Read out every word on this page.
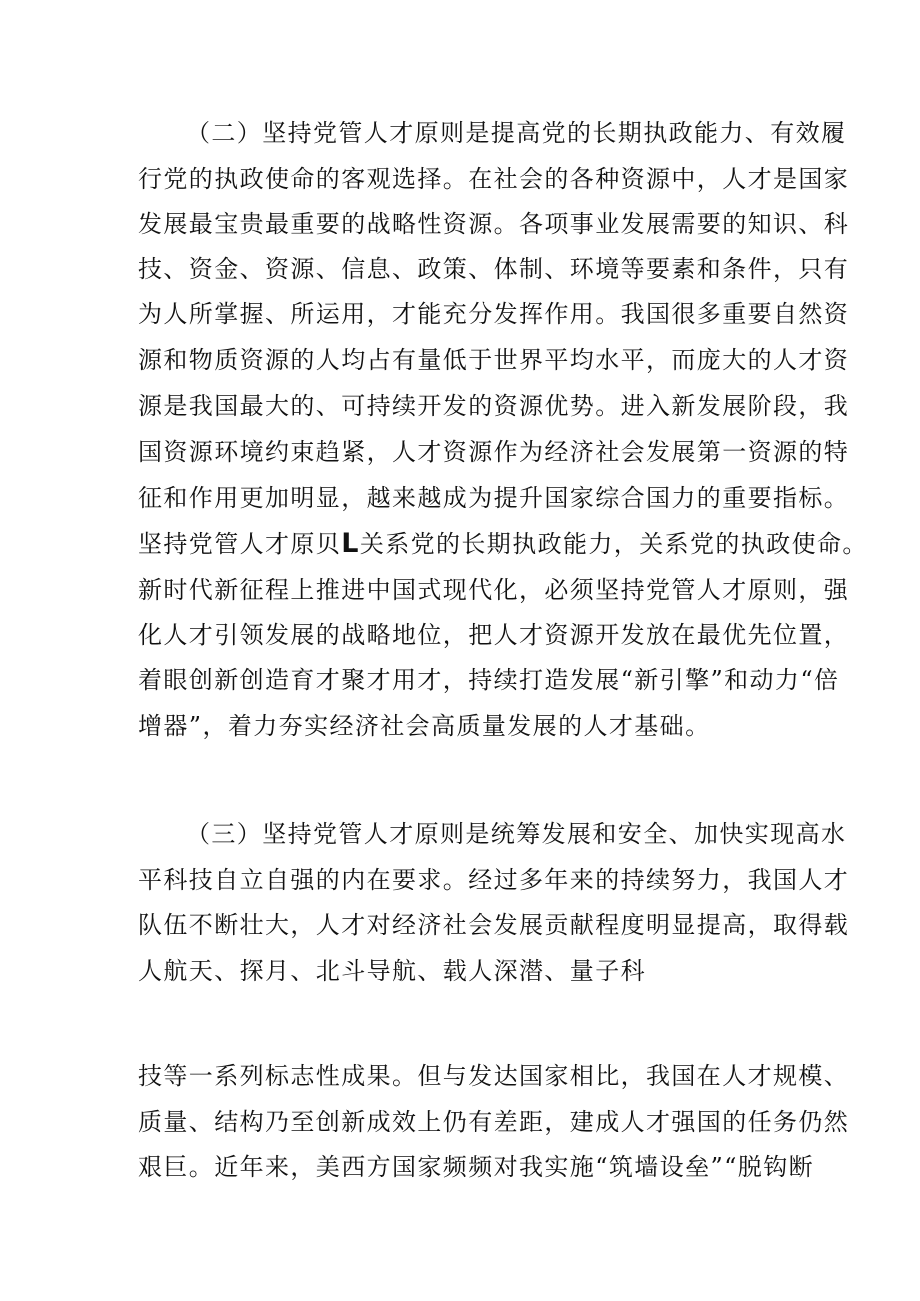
（二）坚持党管人才原则是提高党的长期执政能力、有效履
行党的执政使命的客观选择。在社会的各种资源中，人才是国家
发展最宝贵最重要的战略性资源。各项事业发展需要的知识、科
技、资金、资源、信息、政策、体制、环境等要素和条件，只有
为人所掌握、所运用，才能充分发挥作用。我国很多重要自然资
源和物质资源的人均占有量低于世界平均水平，而庞大的人才资
源是我国最大的、可持续开发的资源优势。进入新发展阶段，我
国资源环境约束趋紧，人才资源作为经济社会发展第一资源的特
征和作用更加明显，越来越成为提升国家综合国力的重要指标。
坚持党管人才原贝L关系党的长期执政能力，关系党的执政使命。
新时代新征程上推进中国式现代化，必须坚持党管人才原则，强
化人才引领发展的战略地位，把人才资源开发放在最优先位置，
着眼创新创造育才聚才用才，持续打造发展“新引擎”和动力“倍
增器”，着力夯实经济社会高质量发展的人才基础。
（三）坚持党管人才原则是统筹发展和安全、加快实现高水
平科技自立自强的内在要求。经过多年来的持续努力，我国人才
队伍不断壮大，人才对经济社会发展贡献程度明显提高，取得载
人航天、探月、北斗导航、载人深潜、量子科
技等一系列标志性成果。但与发达国家相比，我国在人才规模、
质量、结构乃至创新成效上仍有差距，建成人才强国的任务仍然
艰巨。近年来，美西方国家频频对我实施“筑墙设垒”“脱钩断
